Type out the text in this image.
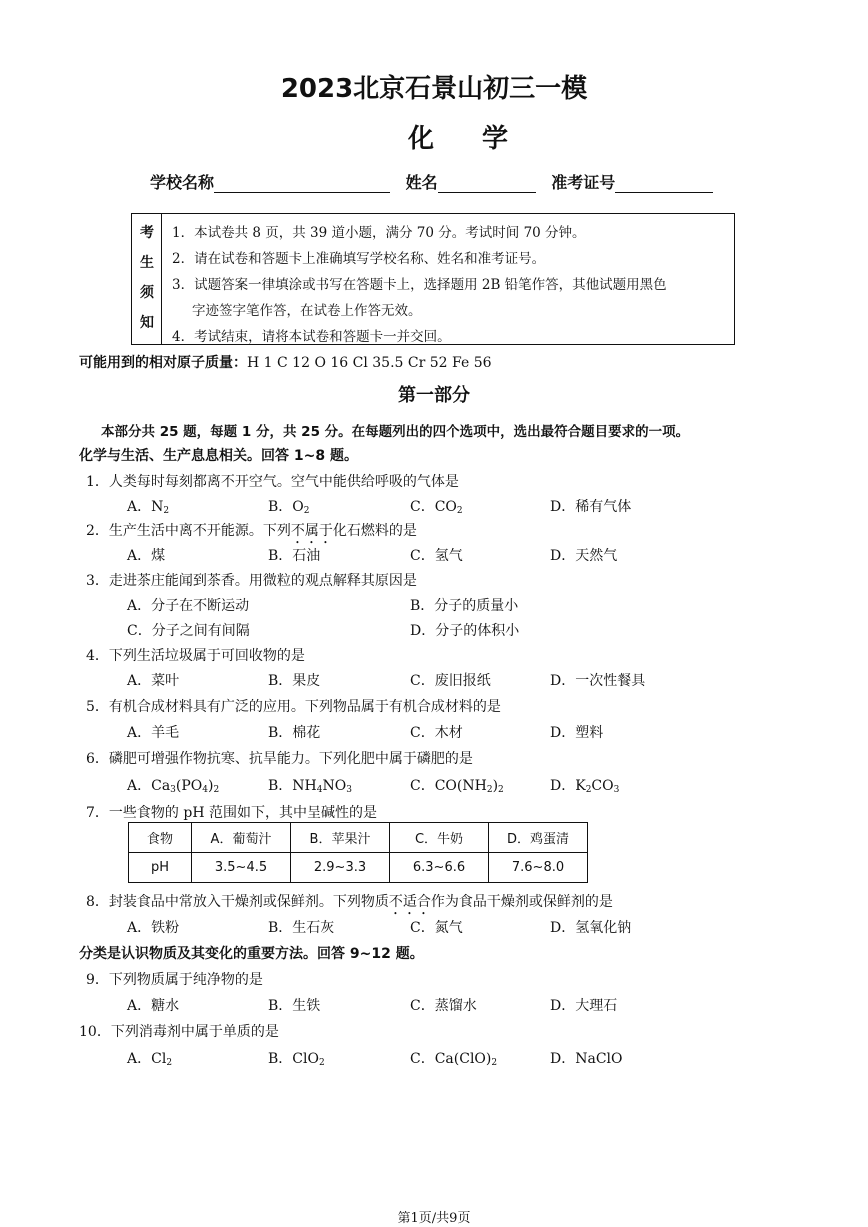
2023北京石景山初三一模
化学
学校名称	姓名	准考证号
考
生
须
知
1．本试卷共 8 页，共 39 道小题，满分 70 分。考试时间 70 分钟。
2．请在试卷和答题卡上准确填写学校名称、姓名和准考证号。
3．试题答案一律填涂或书写在答题卡上，选择题用 2B 铅笔作答，其他试题用黑色
字迹签字笔作答，在试卷上作答无效。
4．考试结束，请将本试卷和答题卡一并交回。
可能用到的相对原子质量：H 1 C 12 O 16 Cl 35.5 Cr 52 Fe 56
第一部分
本部分共 25 题，每题 1 分，共 25 分。在每题列出的四个选项中，选出最符合题目要求的一项。
化学与生活、生产息息相关。回答 1~8 题。
1．人类每时每刻都离不开空气。空气中能供给呼吸的气体是
A．$N_2$	B．$O_2$	C．$CO_2$	D．稀有气体
2．生产生活中离不开能源。下列不属于化石燃料的是
A．煤	B．石油	C．氢气	D．天然气
3．走进茶庄能闻到茶香。用微粒的观点解释其原因是
A．分子在不断运动	B．分子的质量小
C．分子之间有间隔	D．分子的体积小
4．下列生活垃圾属于可回收物的是
A．菜叶	B．果皮	C．废旧报纸	D．一次性餐具
5．有机合成材料具有广泛的应用。下列物品属于有机合成材料的是
A．羊毛	B．棉花	C．木材	D．塑料
6．磷肥可增强作物抗寒、抗旱能力。下列化肥中属于磷肥的是
A．$Ca_3(PO_4)_2$	B．$NH_4NO_3$	C．$CO(NH_2)_2$	D．$K_2CO_3$
7．一些食物的 pH 范围如下，其中呈碱性的是
食物	A．葡萄汁	B．苹果汁	C．牛奶	D．鸡蛋清
pH	3.5~4.5	2.9~3.3	6.3~6.6	7.6~8.0
8．封装食品中常放入干燥剂或保鲜剂。下列物质不适合作为食品干燥剂或保鲜剂的是
A．铁粉	B．生石灰	C．氮气	D．氢氧化钠
分类是认识物质及其变化的重要方法。回答 9~12 题。
9．下列物质属于纯净物的是
A．糖水	B．生铁	C．蒸馏水	D．大理石
10．下列消毒剂中属于单质的是
A．$Cl_2$	B．ClO$_2$	C．$Ca(ClO)_2$	D．NaClO
第1页/共9页
